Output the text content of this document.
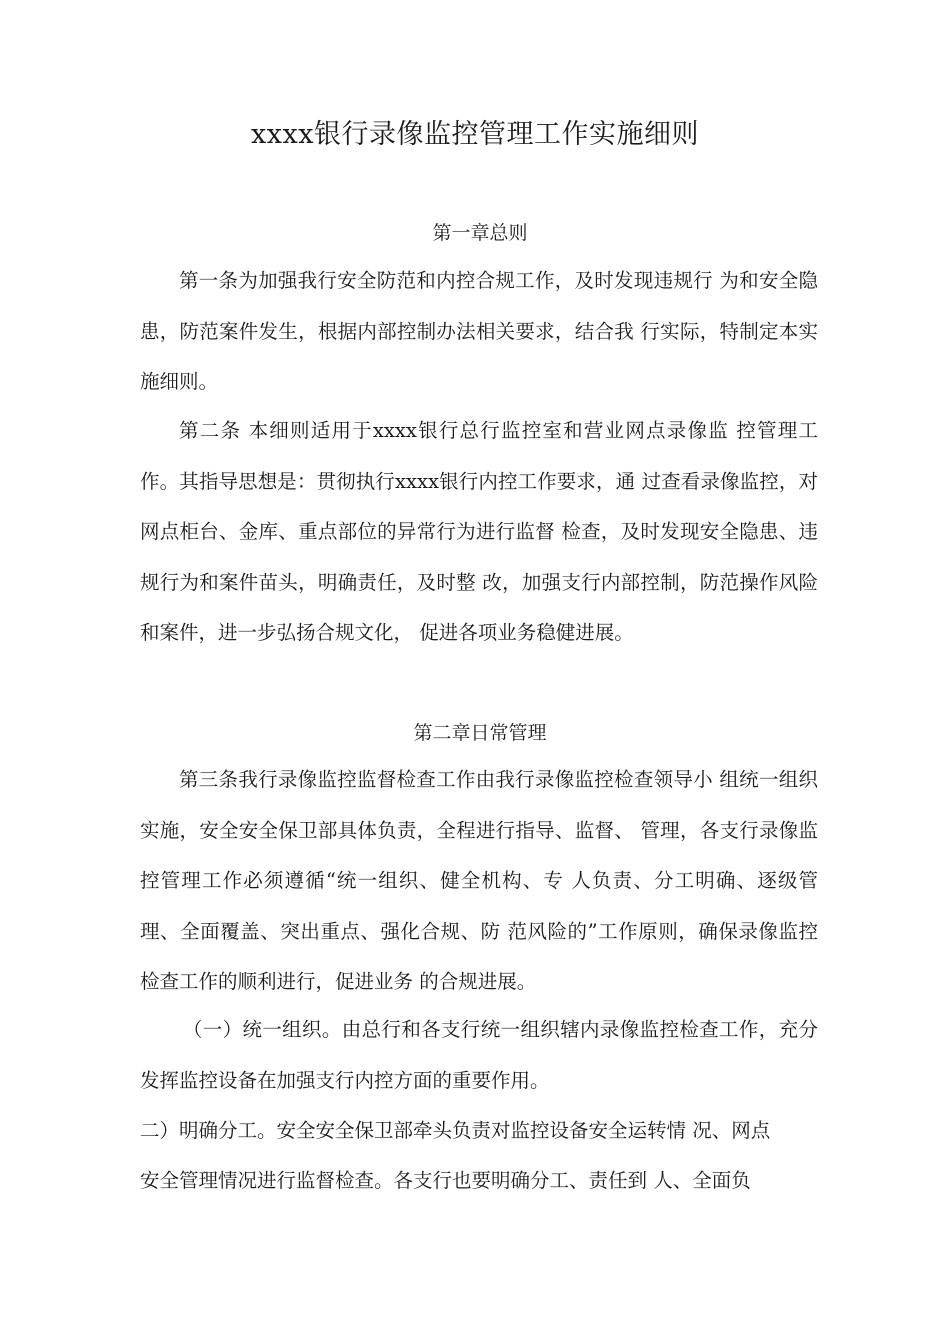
xxxx银行录像监控管理工作实施细则
第一章总则

第一条为加强我行安全防范和内控合规工作，及时发现违规行 为和安全隐患，防范案件发生，根据内部控制办法相关要求，结合我 行实际，特制定本实施细则。

第二条 本细则适用于xxxx银行总行监控室和营业网点录像监 控管理工作。其指导思想是：贯彻执行xxxx银行内控工作要求，通 过查看录像监控，对网点柜台、金库、重点部位的异常行为进行监督 检查，及时发现安全隐患、违规行为和案件苗头，明确责任，及时整 改，加强支行内部控制，防范操作风险和案件，进一步弘扬合规文化， 促进各项业务稳健进展。

第二章日常管理

第三条我行录像监控监督检查工作由我行录像监控检查领导小 组统一组织实施，安全安全保卫部具体负责，全程进行指导、监督、 管理，各支行录像监控管理工作必须遵循“统一组织、健全机构、专 人负责、分工明确、逐级管理、全面覆盖、突出重点、强化合规、防 范风险的”工作原则，确保录像监控检查工作的顺利进行，促进业务 的合规进展。

（一）统一组织。由总行和各支行统一组织辖内录像监控检查工作，充分发挥监控设备在加强支行内控方面的重要作用。

二）明确分工。安全安全保卫部牵头负责对监控设备安全运转情 况、网点

安全管理情况进行监督检查。各支行也要明确分工、责任到 人、全面负
